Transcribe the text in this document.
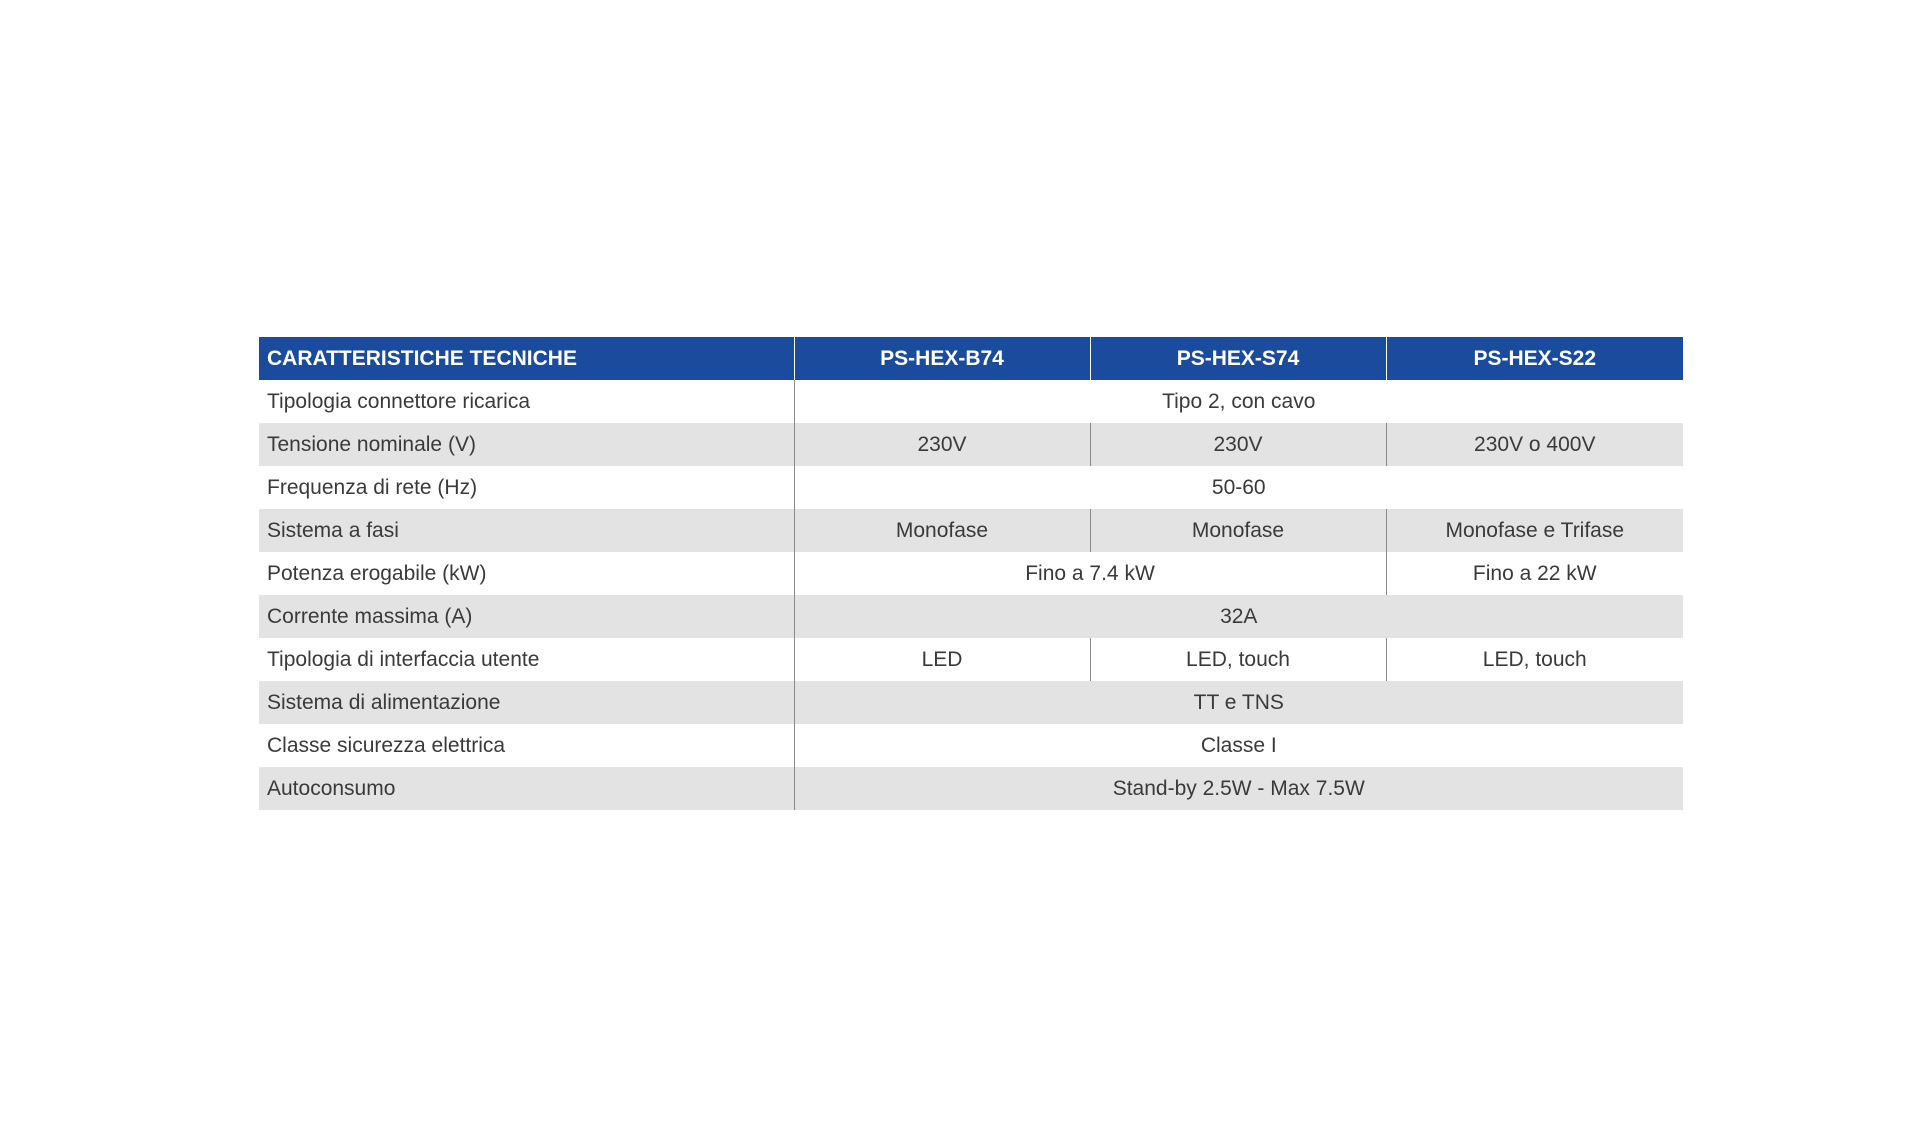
CARATTERISTICHE TECNICHE	PS-HEX-B74	PS-HEX-S74	PS-HEX-S22
Tipologia connettore ricarica	Tipo 2, con cavo		
Tensione nominale (V)	230V	230V	230V o 400V
Frequenza di rete (Hz)	50-60		
Sistema a fasi	Monofase	Monofase	Monofase e Trifase
Potenza erogabile (kW)	Fino a 7.4 kW		Fino a 22 kW
Corrente massima (A)	32A		
Tipologia di interfaccia utente	LED	LED, touch	LED, touch
Sistema di alimentazione	TT e TNS		
Classe sicurezza elettrica	Classe I		
Autoconsumo	Stand-by 2.5W - Max 7.5W		
